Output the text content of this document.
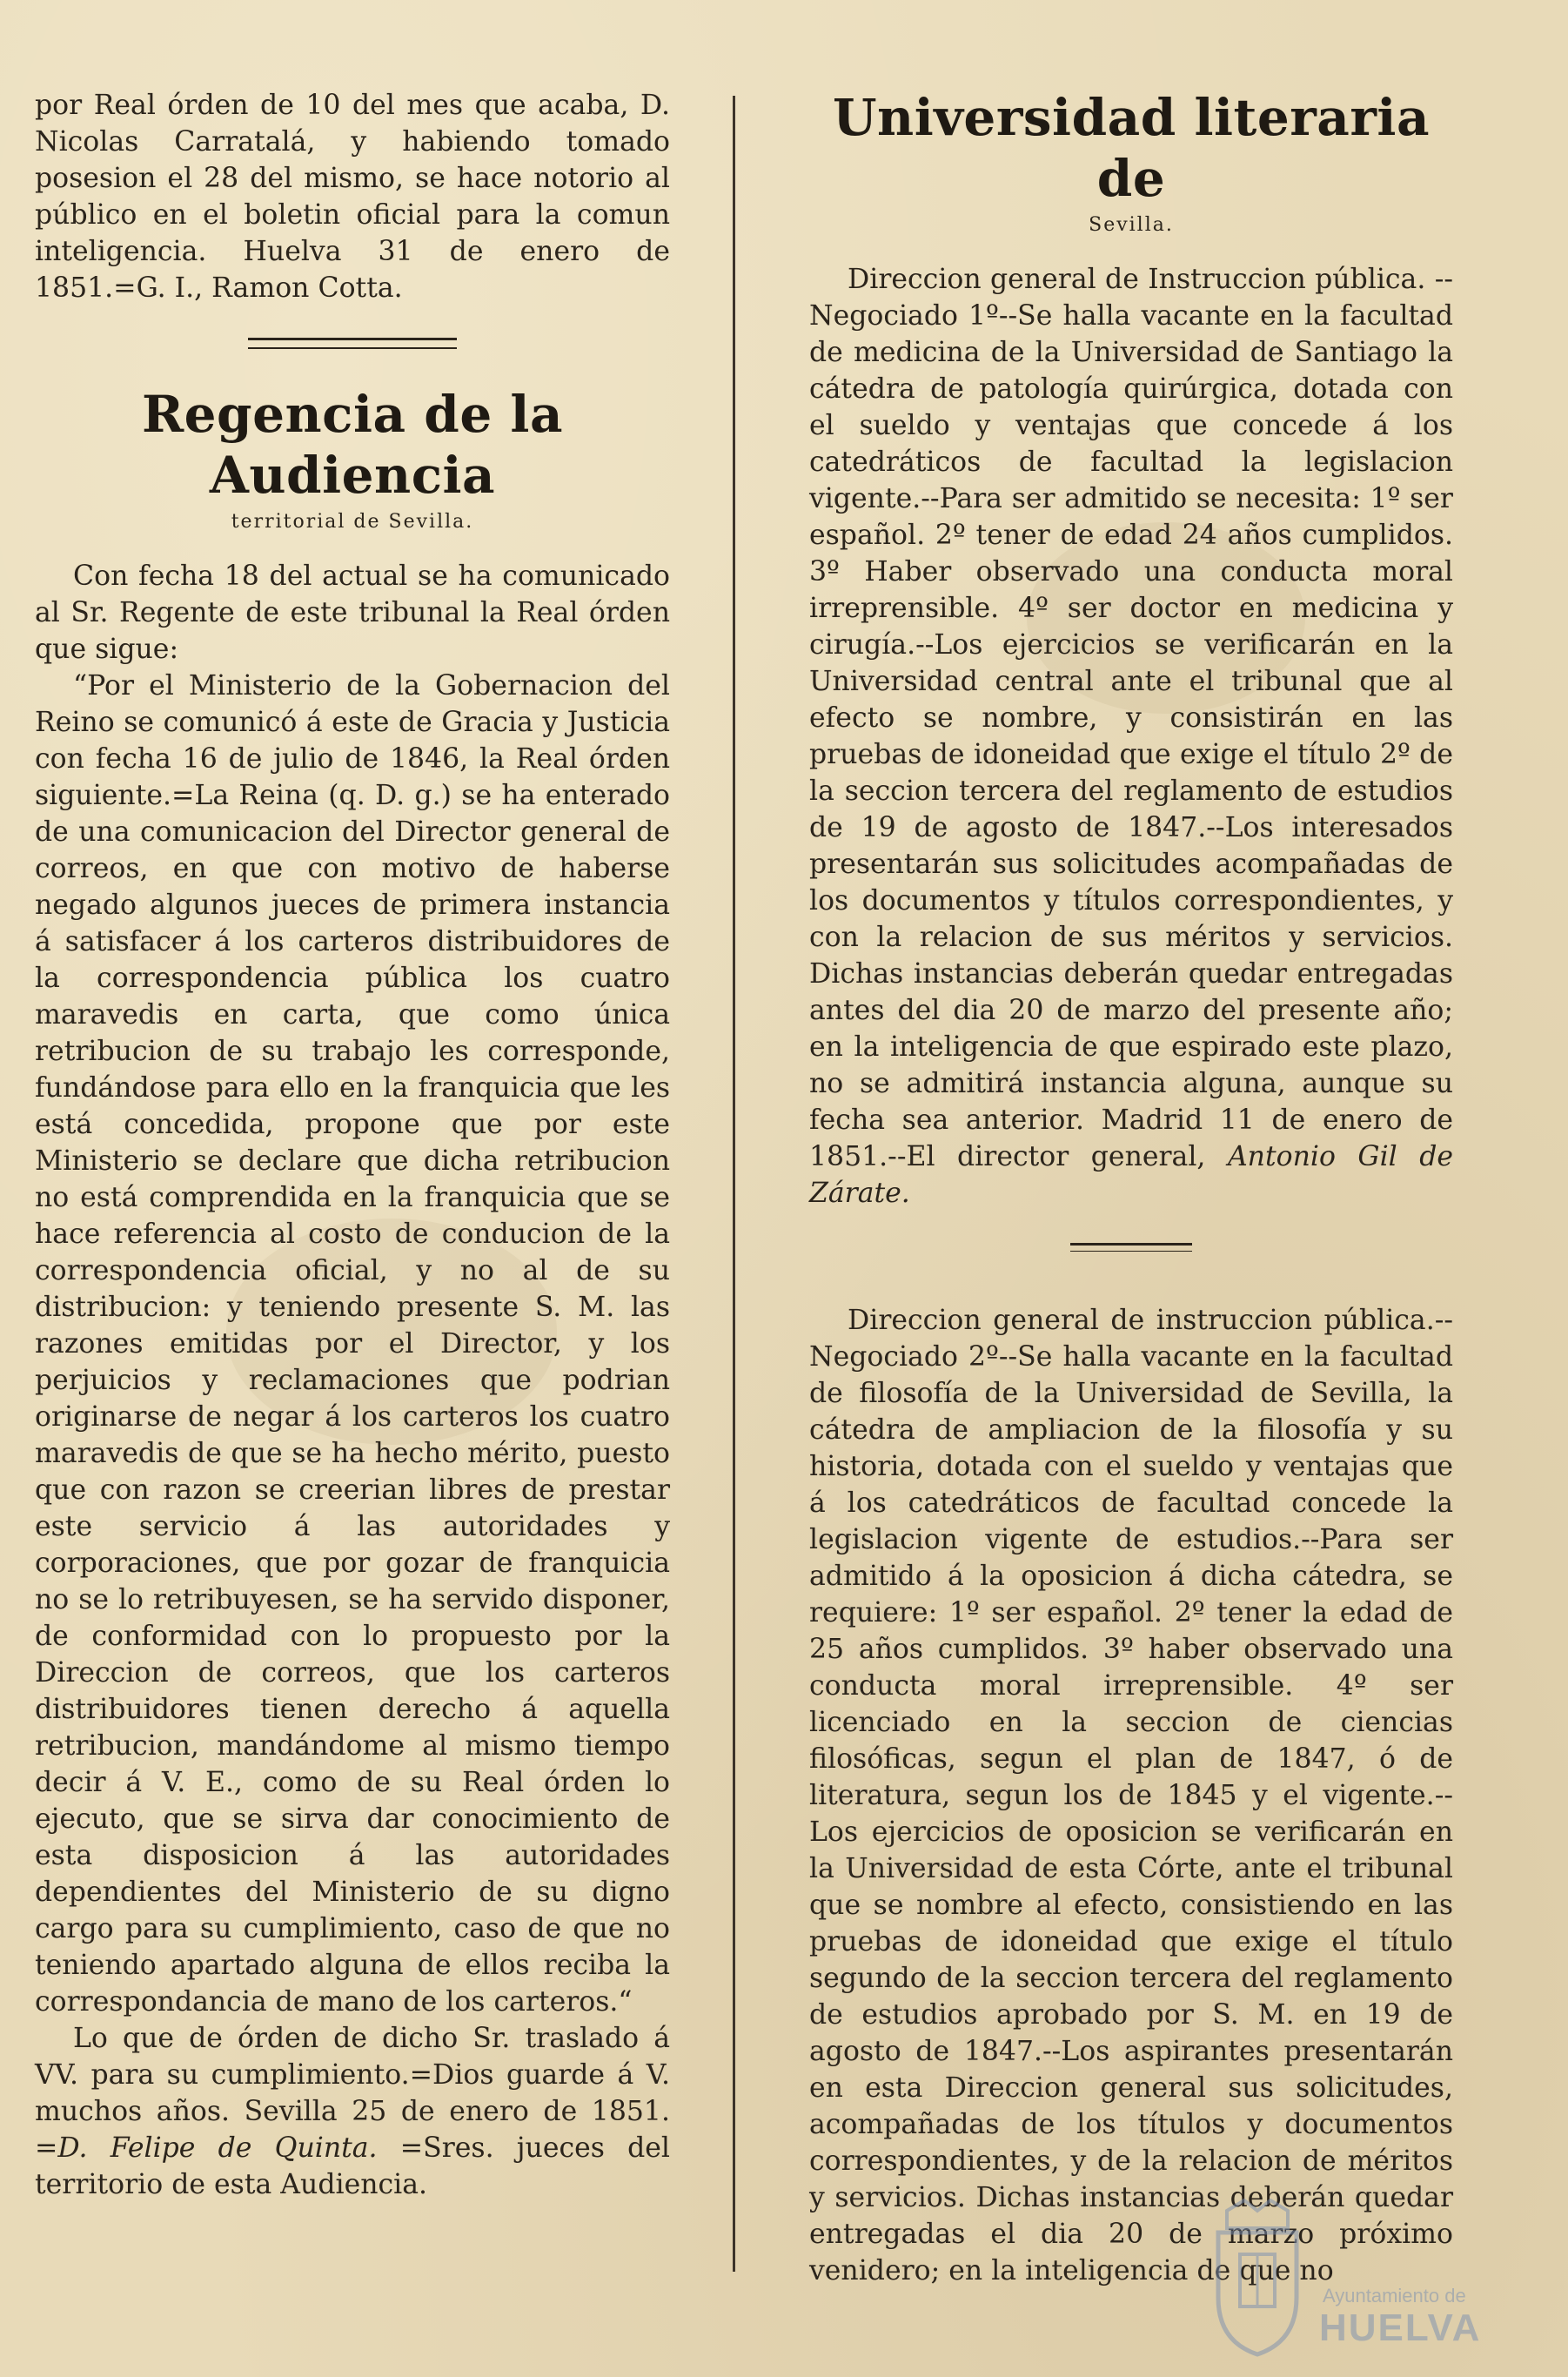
por Real órden de 10 del mes que acaba, D. Nicolas Carratalá, y habiendo tomado posesion el 28 del mismo, se hace notorio al público en el boletin oficial para la comun inteligencia. Huelva 31 de enero de 1851.=G. I., Ramon Cotta.

Regencia de la Audiencia
territorial de Sevilla.

Con fecha 18 del actual se ha comunicado al Sr. Regente de este tribunal la Real órden que sigue:

“Por el Ministerio de la Gobernacion del Reino se comunicó á este de Gracia y Justicia con fecha 16 de julio de 1846, la Real órden siguiente.=La Reina (q. D. g.) se ha enterado de una comunicacion del Director general de correos, en que con motivo de haberse negado algunos jueces de primera instancia á satisfacer á los carteros distribuidores de la correspondencia pública los cuatro maravedis en carta, que como única retribucion de su trabajo les corresponde, fundándose para ello en la franquicia que les está concedida, propone que por este Ministerio se declare que dicha retribucion no está comprendida en la franquicia que se hace referencia al costo de conducion de la correspondencia oficial, y no al de su distribucion: y teniendo presente S. M. las razones emitidas por el Director, y los perjuicios y reclamaciones que podrian originarse de negar á los carteros los cuatro maravedis de que se ha hecho mérito, puesto que con razon se creerian libres de prestar este servicio á las autoridades y corporaciones, que por gozar de franquicia no se lo retribuyesen, se ha servido disponer, de conformidad con lo propuesto por la Direccion de correos, que los carteros distribuidores tienen derecho á aquella retribucion, mandándome al mismo tiempo decir á V. E., como de su Real órden lo ejecuto, que se sirva dar conocimiento de esta disposicion á las autoridades dependientes del Ministerio de su digno cargo para su cumplimiento, caso de que no teniendo apartado alguna de ellos reciba la correspondancia de mano de los carteros.“

Lo que de órden de dicho Sr. traslado á VV. para su cumplimiento.=Dios guarde á V. muchos años. Sevilla 25 de enero de 1851. =D. Felipe de Quinta. =Sres. jueces del territorio de esta Audiencia.

Universidad literaria de
Sevilla.

Direccion general de Instruccion pública. --Negociado 1º--Se halla vacante en la facultad de medicina de la Universidad de Santiago la cátedra de patología quirúrgica, dotada con el sueldo y ventajas que concede á los catedráticos de facultad la legislacion vigente.--Para ser admitido se necesita: 1º ser español. 2º tener de edad 24 años cumplidos. 3º Haber observado una conducta moral irreprensible. 4º ser doctor en medicina y cirugía.--Los ejercicios se verificarán en la Universidad central ante el tribunal que al efecto se nombre, y consistirán en las pruebas de idoneidad que exige el título 2º de la seccion tercera del reglamento de estudios de 19 de agosto de 1847.--Los interesados presentarán sus solicitudes acompañadas de los documentos y títulos correspondientes, y con la relacion de sus méritos y servicios. Dichas instancias deberán quedar entregadas antes del dia 20 de marzo del presente año; en la inteligencia de que espirado este plazo, no se admitirá instancia alguna, aunque su fecha sea anterior. Madrid 11 de enero de 1851.--El director general, Antonio Gil de Zárate.

Direccion general de instruccion pública.--Negociado 2º--Se halla vacante en la facultad de filosofía de la Universidad de Sevilla, la cátedra de ampliacion de la filosofía y su historia, dotada con el sueldo y ventajas que á los catedráticos de facultad concede la legislacion vigente de estudios.--Para ser admitido á la oposicion á dicha cátedra, se requiere: 1º ser español. 2º tener la edad de 25 años cumplidos. 3º haber observado una conducta moral irreprensible. 4º ser licenciado en la seccion de ciencias filosóficas, segun el plan de 1847, ó de literatura, segun los de 1845 y el vigente.--Los ejercicios de oposicion se verificarán en la Universidad de esta Córte, ante el tribunal que se nombre al efecto, consistiendo en las pruebas de idoneidad que exige el título segundo de la seccion tercera del reglamento de estudios aprobado por S. M. en 19 de agosto de 1847.--Los aspirantes presentarán en esta Direccion general sus solicitudes, acompañadas de los títulos y documentos correspondientes, y de la relacion de méritos y servicios. Dichas instancias deberán quedar entregadas el dia 20 de marzo próximo venidero; en la inteligencia de que no

Ayuntamiento de
HUELVA
